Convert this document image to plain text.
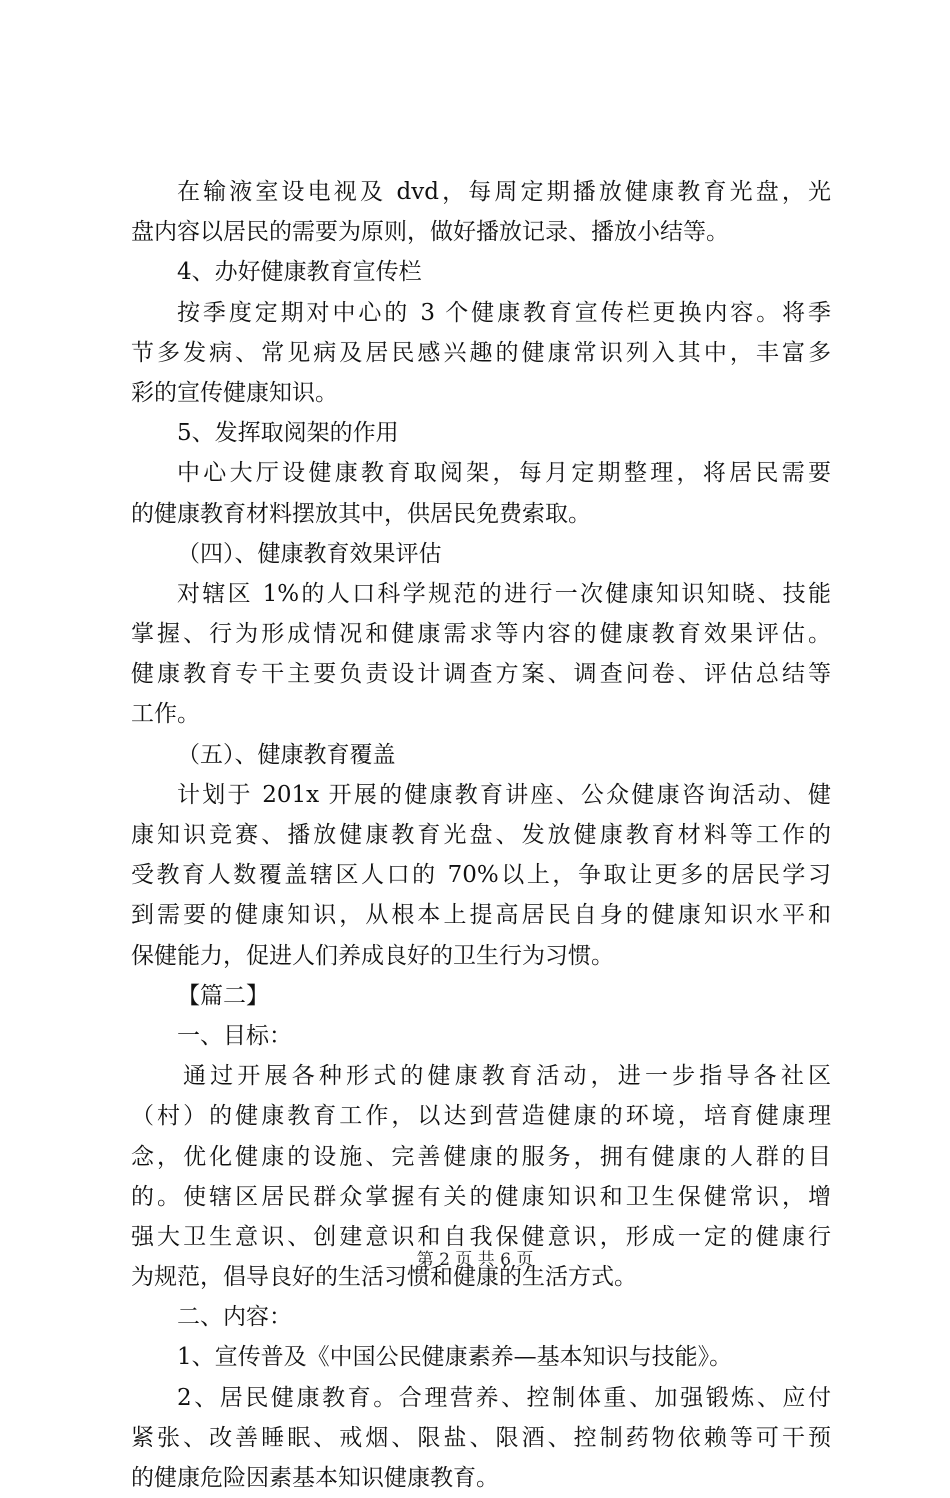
在输液室设电视及 dvd，每周定期播放健康教育光盘，光
盘内容以居民的需要为原则，做好播放记录、播放小结等。
4、办好健康教育宣传栏
按季度定期对中心的 3 个健康教育宣传栏更换内容。将季
节多发病、常见病及居民感兴趣的健康常识列入其中，丰富多
彩的宣传健康知识。
5、发挥取阅架的作用
中心大厅设健康教育取阅架，每月定期整理，将居民需要
的健康教育材料摆放其中，供居民免费索取。
（四）、健康教育效果评估
对辖区 1%的人口科学规范的进行一次健康知识知晓、技能
掌握、行为形成情况和健康需求等内容的健康教育效果评估。
健康教育专干主要负责设计调查方案、调查问卷、评估总结等
工作。
（五）、健康教育覆盖
计划于 201x 开展的健康教育讲座、公众健康咨询活动、健
康知识竞赛、播放健康教育光盘、发放健康教育材料等工作的
受教育人数覆盖辖区人口的 70%以上，争取让更多的居民学习
到需要的健康知识，从根本上提高居民自身的健康知识水平和
保健能力，促进人们养成良好的卫生行为习惯。
【篇二】
一、目标：
通过开展各种形式的健康教育活动，进一步指导各社区
（村）的健康教育工作，以达到营造健康的环境，培育健康理
念，优化健康的设施、完善健康的服务，拥有健康的人群的目
的。使辖区居民群众掌握有关的健康知识和卫生保健常识，增
强大卫生意识、创建意识和自我保健意识，形成一定的健康行
为规范，倡导良好的生活习惯和健康的生活方式。
二、内容：
1、宣传普及《中国公民健康素养—基本知识与技能》。
2、居民健康教育。合理营养、控制体重、加强锻炼、应付
紧张、改善睡眠、戒烟、限盐、限酒、控制药物依赖等可干预
的健康危险因素基本知识健康教育。
第 2 页 共 6 页
